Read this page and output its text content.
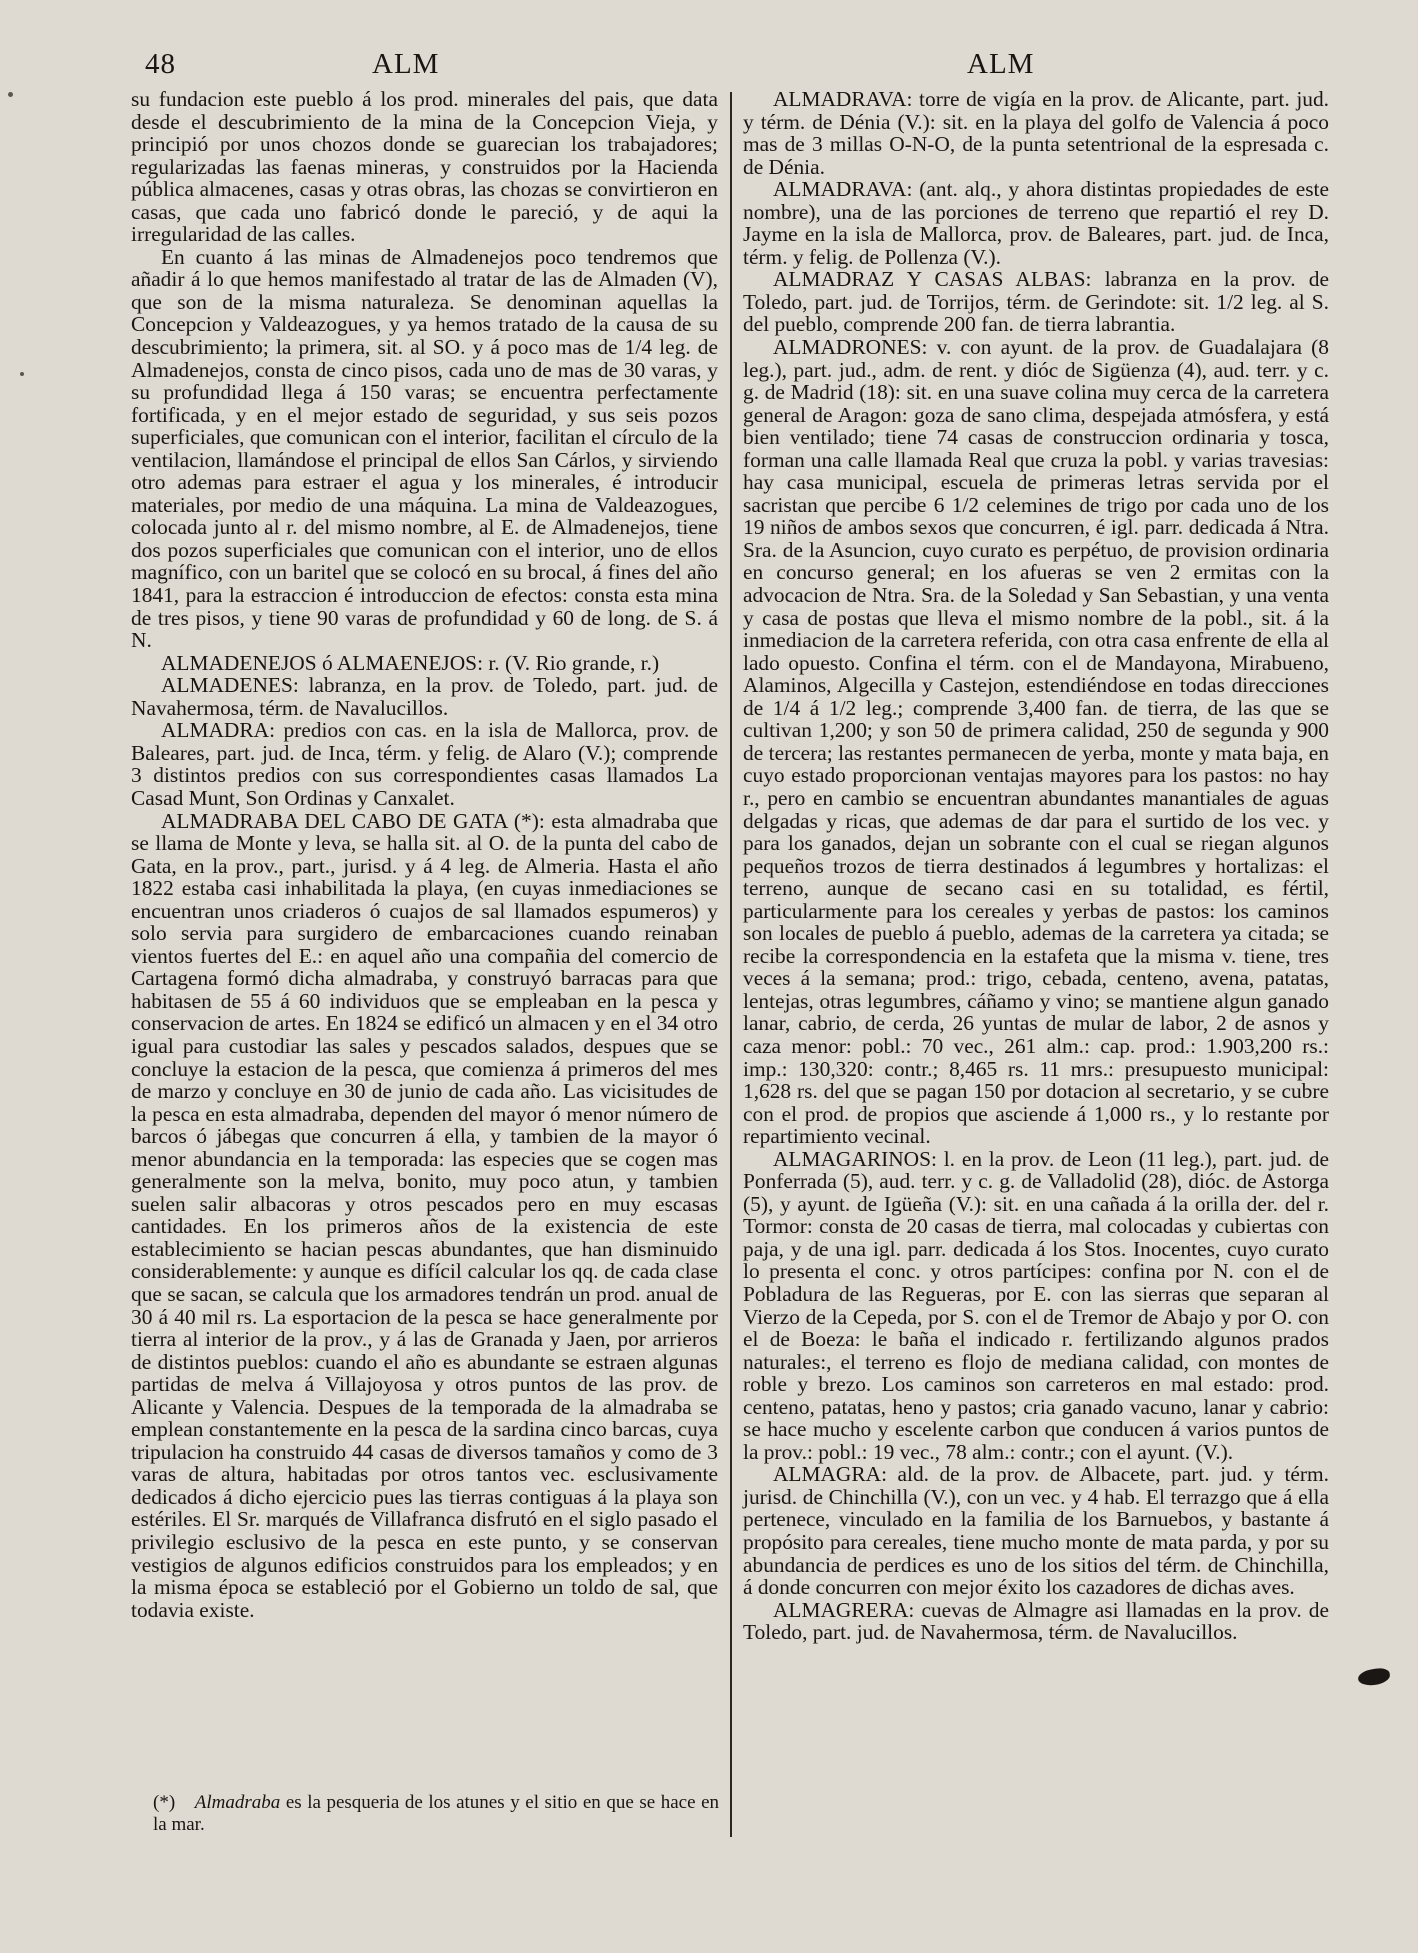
48	ALM	ALM

su fundacion este pueblo á los prod. minerales del pais, que data desde el descubrimiento de la mina de la Concepcion Vieja, y principió por unos chozos donde se guarecian los trabajadores; regularizadas las faenas mineras, y construidos por la Hacienda pública almacenes, casas y otras obras, las chozas se convirtieron en casas, que cada uno fabricó donde le pareció, y de aqui la irregularidad de las calles.

En cuanto á las minas de Almadenejos poco tendremos que añadir á lo que hemos manifestado al tratar de las de Almaden (V), que son de la misma naturaleza. Se denominan aquellas la Concepcion y Valdeazogues, y ya hemos tratado de la causa de su descubrimiento; la primera, sit. al SO. y á poco mas de 1/4 leg. de Almadenejos, consta de cinco pisos, cada uno de mas de 30 varas, y su profundidad llega á 150 varas; se encuentra perfectamente fortificada, y en el mejor estado de seguridad, y sus seis pozos superficiales, que comunican con el interior, facilitan el círculo de la ventilacion, llamándose el principal de ellos San Cárlos, y sirviendo otro ademas para estraer el agua y los minerales, é introducir materiales, por medio de una máquina. La mina de Valdeazogues, colocada junto al r. del mismo nombre, al E. de Almadenejos, tiene dos pozos superficiales que comunican con el interior, uno de ellos magnífico, con un baritel que se colocó en su brocal, á fines del año 1841, para la estraccion é introduccion de efectos: consta esta mina de tres pisos, y tiene 90 varas de profundidad y 60 de long. de S. á N.

ALMADENEJOS ó ALMAENEJOS: r. (V. Rio grande, r.)

ALMADENES: labranza, en la prov. de Toledo, part. jud. de Navahermosa, térm. de Navalucillos.

ALMADRA: predios con cas. en la isla de Mallorca, prov. de Baleares, part. jud. de Inca, térm. y felig. de Alaro (V.); comprende 3 distintos predios con sus correspondientes casas llamados La Casad Munt, Son Ordinas y Canxalet.

ALMADRABA DEL CABO DE GATA (*): esta almadraba que se llama de Monte y leva, se halla sit. al O. de la punta del cabo de Gata, en la prov., part., jurisd. y á 4 leg. de Almeria. Hasta el año 1822 estaba casi inhabilitada la playa, (en cuyas inmediaciones se encuentran unos criaderos ó cuajos de sal llamados espumeros) y solo servia para surgidero de embarcaciones cuando reinaban vientos fuertes del E.: en aquel año una compañia del comercio de Cartagena formó dicha almadraba, y construyó barracas para que habitasen de 55 á 60 individuos que se empleaban en la pesca y conservacion de artes. En 1824 se edificó un almacen y en el 34 otro igual para custodiar las sales y pescados salados, despues que se concluye la estacion de la pesca, que comienza á primeros del mes de marzo y concluye en 30 de junio de cada año. Las vicisitudes de la pesca en esta almadraba, dependen del mayor ó menor número de barcos ó jábegas que concurren á ella, y tambien de la mayor ó menor abundancia en la temporada: las especies que se cogen mas generalmente son la melva, bonito, muy poco atun, y tambien suelen salir albacoras y otros pescados pero en muy escasas cantidades. En los primeros años de la existencia de este establecimiento se hacian pescas abundantes, que han disminuido considerablemente: y aunque es difícil calcular los qq. de cada clase que se sacan, se calcula que los armadores tendrán un prod. anual de 30 á 40 mil rs. La esportacion de la pesca se hace generalmente por tierra al interior de la prov., y á las de Granada y Jaen, por arrieros de distintos pueblos: cuando el año es abundante se estraen algunas partidas de melva á Villajoyosa y otros puntos de las prov. de Alicante y Valencia. Despues de la temporada de la almadraba se emplean constantemente en la pesca de la sardina cinco barcas, cuya tripulacion ha construido 44 casas de diversos tamaños y como de 3 varas de altura, habitadas por otros tantos vec. esclusivamente dedicados á dicho ejercicio pues las tierras contiguas á la playa son estériles. El Sr. marqués de Villafranca disfrutó en el siglo pasado el privilegio esclusivo de la pesca en este punto, y se conservan vestigios de algunos edificios construidos para los empleados; y en la misma época se estableció por el Gobierno un toldo de sal, que todavia existe.

(*) Almadraba es la pesqueria de los atunes y el sitio en que se hace en la mar.

ALMADRAVA: torre de vigía en la prov. de Alicante, part. jud. y térm. de Dénia (V.): sit. en la playa del golfo de Valencia á poco mas de 3 millas O-N-O, de la punta setentrional de la espresada c. de Dénia.

ALMADRAVA: (ant. alq., y ahora distintas propiedades de este nombre), una de las porciones de terreno que repartió el rey D. Jayme en la isla de Mallorca, prov. de Baleares, part. jud. de Inca, térm. y felig. de Pollenza (V.).

ALMADRAZ Y CASAS ALBAS: labranza en la prov. de Toledo, part. jud. de Torrijos, térm. de Gerindote: sit. 1/2 leg. al S. del pueblo, comprende 200 fan. de tierra labrantia.

ALMADRONES: v. con ayunt. de la prov. de Guadalajara (8 leg.), part. jud., adm. de rent. y dióc de Sigüenza (4), aud. terr. y c. g. de Madrid (18): sit. en una suave colina muy cerca de la carretera general de Aragon: goza de sano clima, despejada atmósfera, y está bien ventilado; tiene 74 casas de construccion ordinaria y tosca, forman una calle llamada Real que cruza la pobl. y varias travesias: hay casa municipal, escuela de primeras letras servida por el sacristan que percibe 6 1/2 celemines de trigo por cada uno de los 19 niños de ambos sexos que concurren, é igl. parr. dedicada á Ntra. Sra. de la Asuncion, cuyo curato es perpétuo, de provision ordinaria en concurso general; en los afueras se ven 2 ermitas con la advocacion de Ntra. Sra. de la Soledad y San Sebastian, y una venta y casa de postas que lleva el mismo nombre de la pobl., sit. á la inmediacion de la carretera referida, con otra casa enfrente de ella al lado opuesto. Confina el térm. con el de Mandayona, Mirabueno, Alaminos, Algecilla y Castejon, estendiéndose en todas direcciones de 1/4 á 1/2 leg.; comprende 3,400 fan. de tierra, de las que se cultivan 1,200; y son 50 de primera calidad, 250 de segunda y 900 de tercera; las restantes permanecen de yerba, monte y mata baja, en cuyo estado proporcionan ventajas mayores para los pastos: no hay r., pero en cambio se encuentran abundantes manantiales de aguas delgadas y ricas, que ademas de dar para el surtido de los vec. y para los ganados, dejan un sobrante con el cual se riegan algunos pequeños trozos de tierra destinados á legumbres y hortalizas: el terreno, aunque de secano casi en su totalidad, es fértil, particularmente para los cereales y yerbas de pastos: los caminos son locales de pueblo á pueblo, ademas de la carretera ya citada; se recibe la correspondencia en la estafeta que la misma v. tiene, tres veces á la semana; prod.: trigo, cebada, centeno, avena, patatas, lentejas, otras legumbres, cáñamo y vino; se mantiene algun ganado lanar, cabrio, de cerda, 26 yuntas de mular de labor, 2 de asnos y caza menor: pobl.: 70 vec., 261 alm.: cap. prod.: 1.903,200 rs.: imp.: 130,320: contr.; 8,465 rs. 11 mrs.: presupuesto municipal: 1,628 rs. del que se pagan 150 por dotacion al secretario, y se cubre con el prod. de propios que asciende á 1,000 rs., y lo restante por repartimiento vecinal.

ALMAGARINOS: l. en la prov. de Leon (11 leg.), part. jud. de Ponferrada (5), aud. terr. y c. g. de Valladolid (28), dióc. de Astorga (5), y ayunt. de Igüeña (V.): sit. en una cañada á la orilla der. del r. Tormor: consta de 20 casas de tierra, mal colocadas y cubiertas con paja, y de una igl. parr. dedicada á los Stos. Inocentes, cuyo curato lo presenta el conc. y otros partícipes: confina por N. con el de Pobladura de las Regueras, por E. con las sierras que separan al Vierzo de la Cepeda, por S. con el de Tremor de Abajo y por O. con el de Boeza: le baña el indicado r. fertilizando algunos prados naturales:, el terreno es flojo de mediana calidad, con montes de roble y brezo. Los caminos son carreteros en mal estado: prod. centeno, patatas, heno y pastos; cria ganado vacuno, lanar y cabrio: se hace mucho y escelente carbon que conducen á varios puntos de la prov.: pobl.: 19 vec., 78 alm.: contr.; con el ayunt. (V.).

ALMAGRA: ald. de la prov. de Albacete, part. jud. y térm. jurisd. de Chinchilla (V.), con un vec. y 4 hab. El terrazgo que á ella pertenece, vinculado en la familia de los Barnuebos, y bastante á propósito para cereales, tiene mucho monte de mata parda, y por su abundancia de perdices es uno de los sitios del térm. de Chinchilla, á donde concurren con mejor éxito los cazadores de dichas aves.

ALMAGRERA: cuevas de Almagre asi llamadas en la prov. de Toledo, part. jud. de Navahermosa, térm. de Navalucillos.
